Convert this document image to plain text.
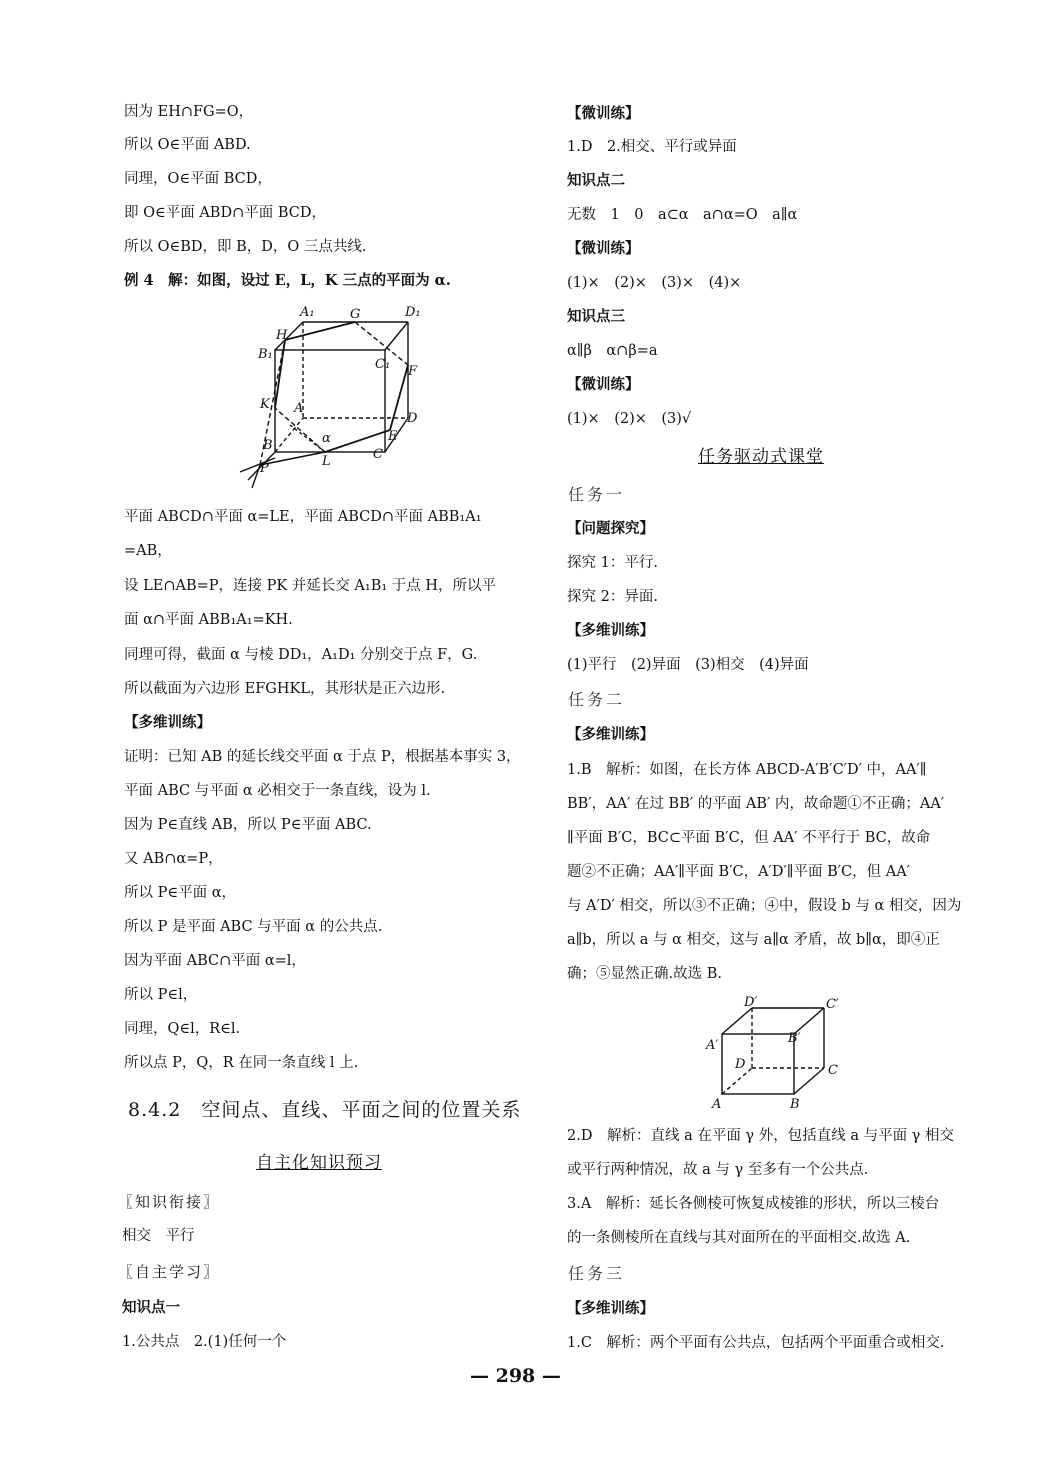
因为 EH∩FG=O，
所以 O∈平面 ABD.
同理，O∈平面 BCD，
即 O∈平面 ABD∩平面 BCD，
所以 O∈BD，即 B，D，O 三点共线.
例 4　解：如图，设过 E，L，K 三点的平面为 α.
A₁	G	D₁
H
B₁
C₁ F
K A
D
E
B	α
L	C
P
平面 ABCD∩平面 α=LE，平面 ABCD∩平面 ABB₁A₁
=AB，
设 LE∩AB=P，连接 PK 并延长交 A₁B₁ 于点 H，所以平
面 α∩平面 ABB₁A₁=KH.
同理可得，截面 α 与棱 DD₁，A₁D₁ 分别交于点 F，G.
所以截面为六边形 EFGHKL，其形状是正六边形.
【多维训练】
证明：已知 AB 的延长线交平面 α 于点 P，根据基本事实 3，
平面 ABC 与平面 α 必相交于一条直线，设为 l.
因为 P∈直线 AB，所以 P∈平面 ABC.
又 AB∩α=P，
所以 P∈平面 α，
所以 P 是平面 ABC 与平面 α 的公共点.
因为平面 ABC∩平面 α=l，
所以 P∈l，
同理，Q∈l，R∈l.
所以点 P，Q，R 在同一条直线 l 上.
8.4.2　空间点、直线、平面之间的位置关系
自主化知识预习
〖知识衔接〗
相交　平行
〖自主学习〗
知识点一
1.公共点　2.(1)任何一个
【微训练】
1.D　2.相交、平行或异面
知识点二
无数　1　0　a⊂α　a∩α=O　a∥α
【微训练】
(1)×　(2)×　(3)×　(4)×
知识点三
α∥β　α∩β=a
【微训练】
(1)×　(2)×　(3)√
任务驱动式课堂
任务一
【问题探究】
探究 1：平行.
探究 2：异面.
【多维训练】
(1)平行　(2)异面　(3)相交　(4)异面
任务二
【多维训练】
1.B　解析：如图，在长方体 ABCD-A′B′C′D′ 中，AA′∥
BB′，AA′ 在过 BB′ 的平面 AB′ 内，故命题①不正确；AA′
∥平面 B′C，BC⊂平面 B′C，但 AA′ 不平行于 BC，故命
题②不正确；AA′∥平面 B′C，A′D′∥平面 B′C，但 AA′
与 A′D′ 相交，所以③不正确；④中，假设 b 与 α 相交，因为
a∥b，所以 a 与 α 相交，这与 a∥α 矛盾，故 b∥α，即④正
确；⑤显然正确.故选 B.
D′	C′
B′
A′
D	C
A	B
2.D　解析：直线 a 在平面 γ 外，包括直线 a 与平面 γ 相交
或平行两种情况，故 a 与 γ 至多有一个公共点.
3.A　解析：延长各侧棱可恢复成棱锥的形状，所以三棱台
的一条侧棱所在直线与其对面所在的平面相交.故选 A.
任务三
【多维训练】
1.C　解析：两个平面有公共点，包括两个平面重合或相交.
— 298 —
